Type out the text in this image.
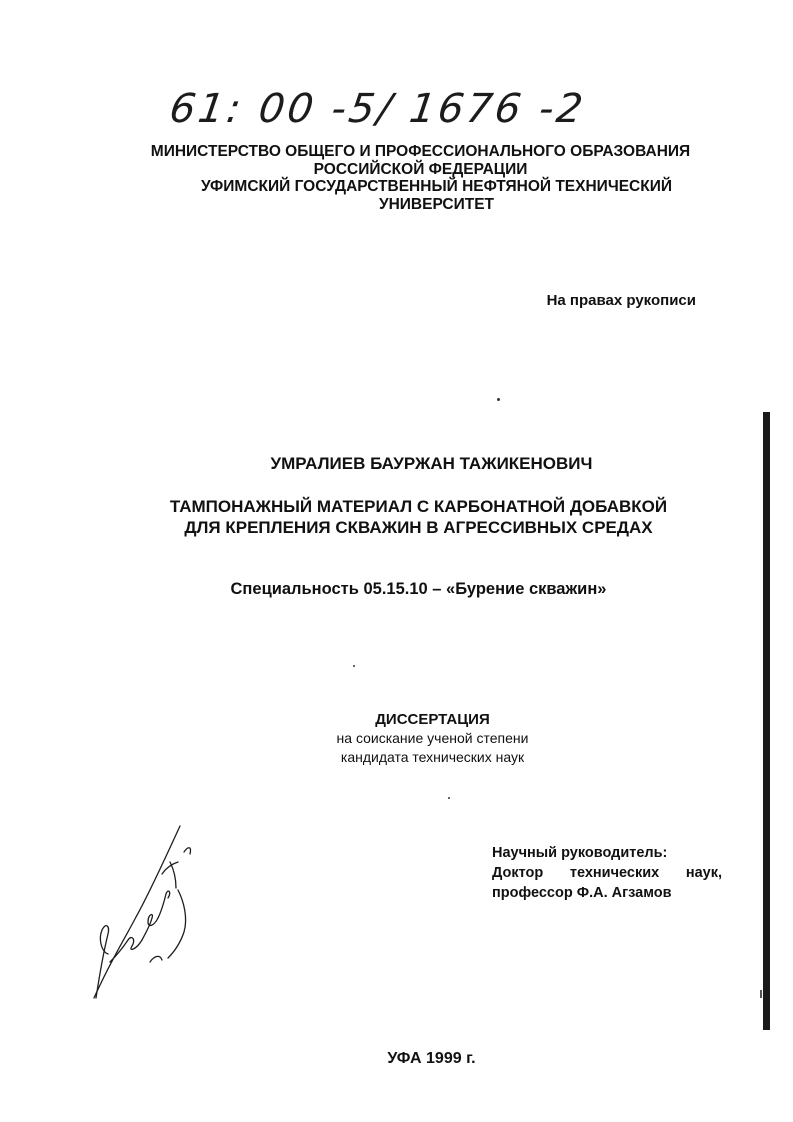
61: 00 -5/ 1676 -2
МИНИСТЕРСТВО ОБЩЕГО И ПРОФЕССИОНАЛЬНОГО ОБРАЗОВАНИЯ
РОССИЙСКОЙ ФЕДЕРАЦИИ
УФИМСКИЙ ГОСУДАРСТВЕННЫЙ НЕФТЯНОЙ ТЕХНИЧЕСКИЙ
УНИВЕРСИТЕТ
На правах рукописи
УМРАЛИЕВ БАУРЖАН ТАЖИКЕНОВИЧ
ТАМПОНАЖНЫЙ МАТЕРИАЛ С КАРБОНАТНОЙ ДОБАВКОЙ
ДЛЯ КРЕПЛЕНИЯ СКВАЖИН В АГРЕССИВНЫХ СРЕДАХ
Специальность 05.15.10 – «Бурение скважин»
ДИССЕРТАЦИЯ
на соискание ученой степени
кандидата технических наук
Научный руководитель:
Доктор технических наук,
профессор Ф.А. Агзамов
УФА 1999 г.
